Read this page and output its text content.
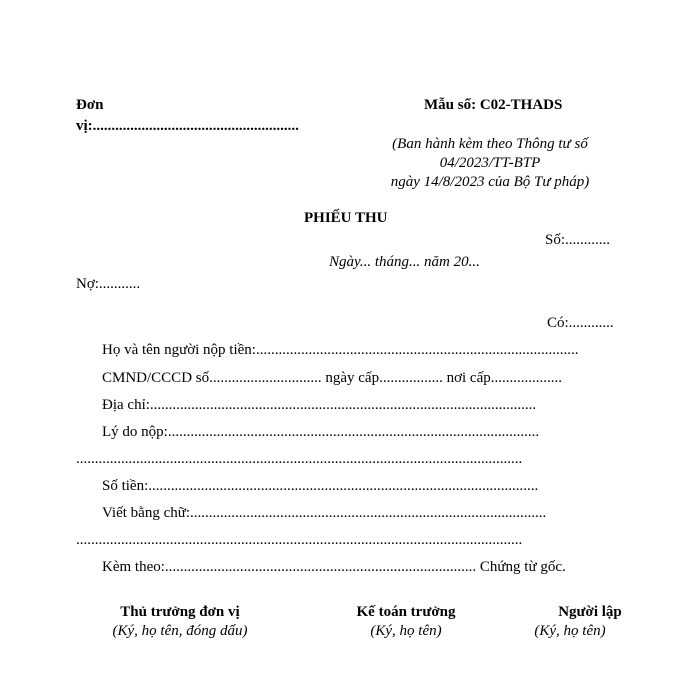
Đơn
vị:.......................................................
Mẫu số: C02-THADS
(Ban hành kèm theo Thông tư số
04/2023/TT-BTP
ngày 14/8/2023 của Bộ Tư pháp)
PHIẾU THU
Số:............
Ngày... tháng... năm 20...
Nợ:...........
Có:............
Họ và tên người nộp tiền:......................................................................................
CMND/CCCD số.............................. ngày cấp................. nơi cấp...................
Địa chỉ:.......................................................................................................
Lý do nộp:...................................................................................................
.......................................................................................................................
Số tiền:........................................................................................................
Viết bằng chữ:...............................................................................................
.......................................................................................................................
Kèm theo:................................................................................... Chứng từ gốc.
Thủ trưởng đơn vị
(Ký, họ tên, đóng dấu)
Kế toán trưởng
(Ký, họ tên)
Người lập
(Ký, họ tên)
